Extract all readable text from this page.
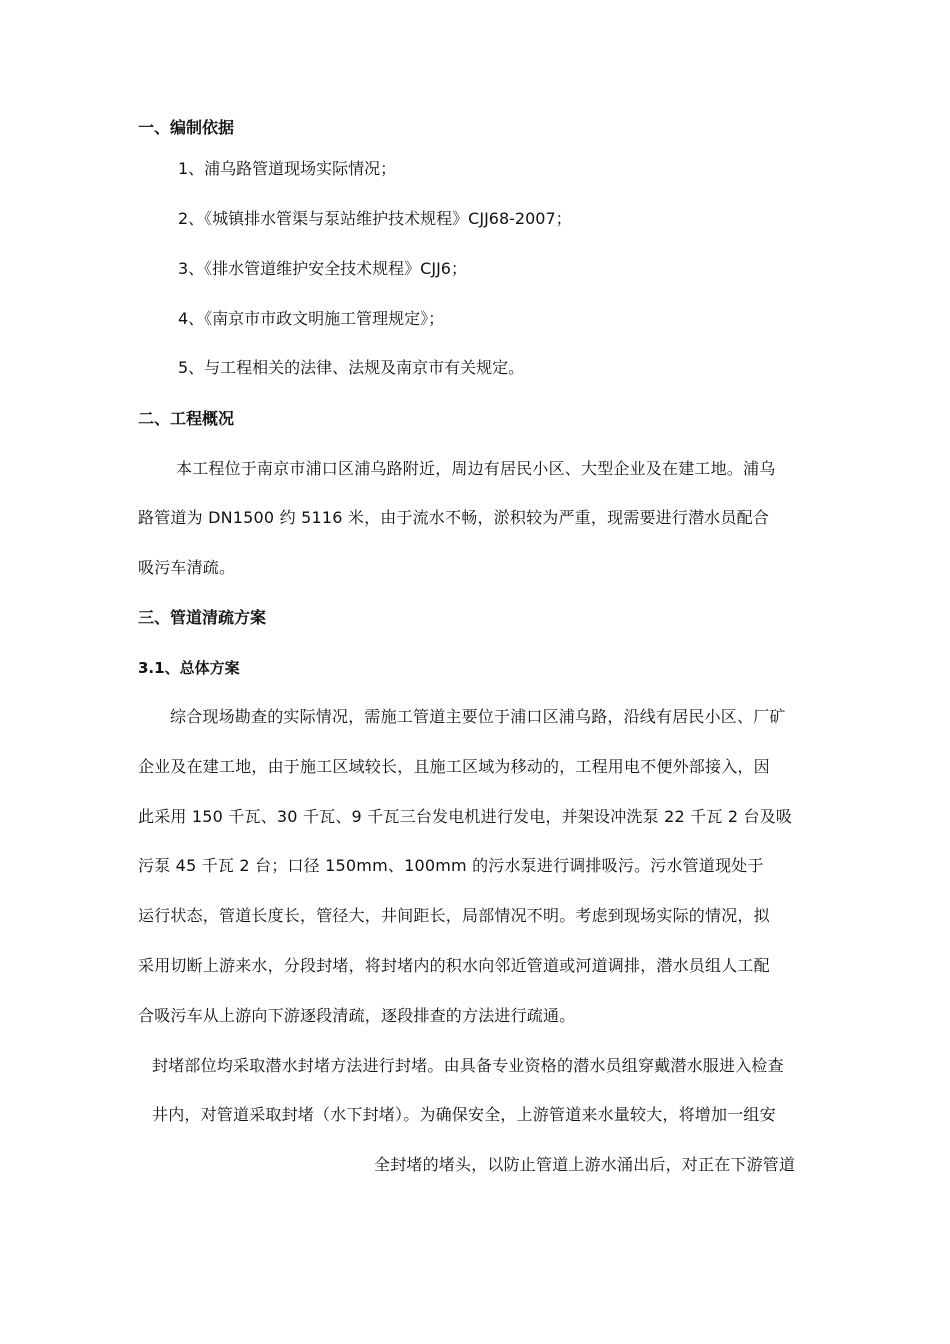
一、编制依据
1、浦乌路管道现场实际情况；
2、《城镇排水管渠与泵站维护技术规程》CJJ68-2007；
3、《排水管道维护安全技术规程》CJJ6；
4、《南京市市政文明施工管理规定》；
5、与工程相关的法律、法规及南京市有关规定。
二、工程概况
本工程位于南京市浦口区浦乌路附近，周边有居民小区、大型企业及在建工地。浦乌
路管道为 DN1500 约 5116 米，由于流水不畅，淤积较为严重，现需要进行潜水员配合
吸污车清疏。
三、管道清疏方案
3.1、总体方案
综合现场勘查的实际情况，需施工管道主要位于浦口区浦乌路，沿线有居民小区、厂矿
企业及在建工地，由于施工区域较长，且施工区域为移动的，工程用电不便外部接入，因
此采用 150 千瓦、30 千瓦、9 千瓦三台发电机进行发电，并架设冲洗泵 22 千瓦 2 台及吸
污泵 45 千瓦 2 台；口径 150mm、100mm 的污水泵进行调排吸污。污水管道现处于
运行状态，管道长度长，管径大，井间距长，局部情况不明。考虑到现场实际的情况，拟
采用切断上游来水，分段封堵，将封堵内的积水向邻近管道或河道调排，潜水员组人工配
合吸污车从上游向下游逐段清疏，逐段排查的方法进行疏通。
封堵部位均采取潜水封堵方法进行封堵。由具备专业资格的潜水员组穿戴潜水服进入检查
井内，对管道采取封堵（水下封堵）。为确保安全，上游管道来水量较大，将增加一组安
全封堵的堵头，以防止管道上游水涌出后，对正在下游管道
